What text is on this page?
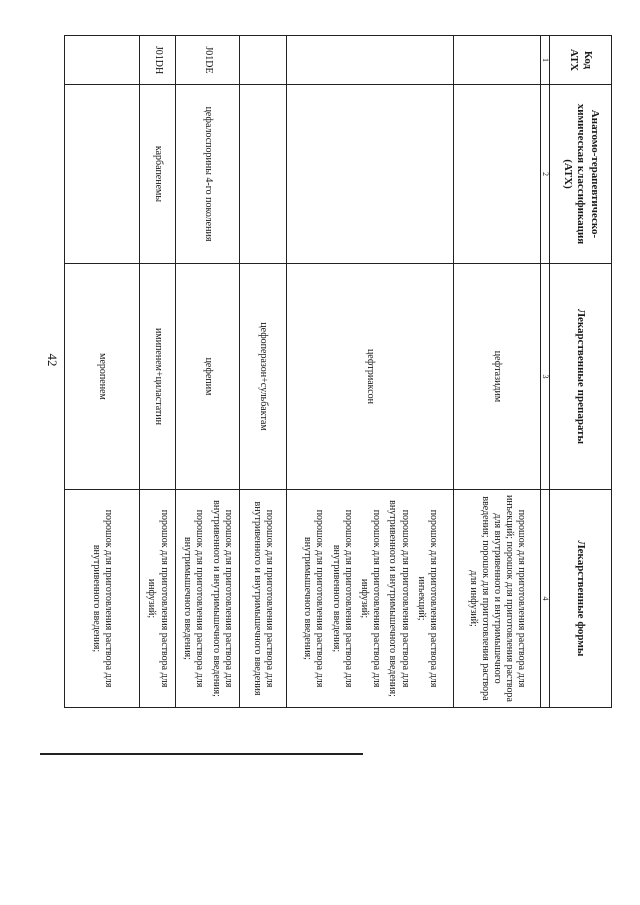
42
Код АТХ	Анатомо-терапевтическо-химическая классификация (АТХ)	Лекарственные препараты	Лекарственные формы
1	2	3	4
		цефтазидим	порошок для приготовления раствора для инъекций; порошок для приготовления раствора для внутривенного и внутримышечного введения; порошок для приготовления раствора для инфузий;

		цефтриаксон	порошок для приготовления раствора для инъекций;

порошок для приготовления раствора для внутривенного и внутримышечного введения;

порошок для приготовления раствора для инфузий;

порошок для приготовления раствора для внутривенного введения;

порошок для приготовления раствора для внутримышечного введения;

		цефоперазон+сульбактам	порошок для приготовления раствора для внутривенного и внутримышечного введения

J01DE	цефалоспорины 4-го поколения	цефепим	порошок для приготовления раствора для внутривенного и внутримышечного введения;

порошок для приготовления раствора для внутримышечного введения;

J01DH	карбапенемы	имипенем+циластатин	порошок для приготовления раствора для инфузий;

		меропенем	порошок для приготовления раствора для внутривенного введения;
